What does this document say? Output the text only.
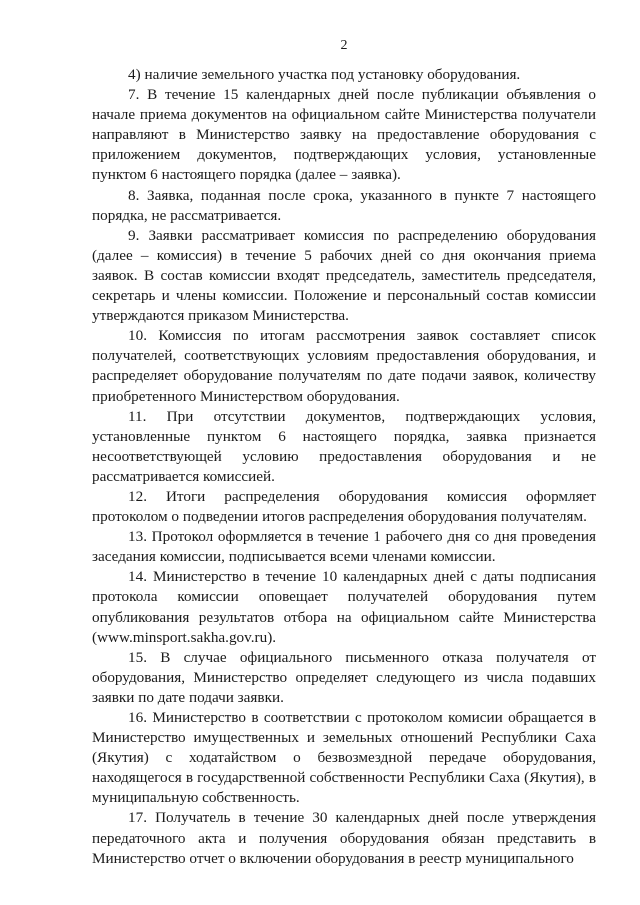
2

4) наличие земельного участка под установку оборудования.

7. В течение 15 календарных дней после публикации объявления о начале приема документов на официальном сайте Министерства получатели направляют в Министерство заявку на предоставление оборудования с приложением документов, подтверждающих условия, установленные пунктом 6 настоящего порядка (далее – заявка).

8. Заявка, поданная после срока, указанного в пункте 7 настоящего порядка, не рассматривается.

9. Заявки рассматривает комиссия по распределению оборудования (далее – комиссия) в течение 5 рабочих дней со дня окончания приема заявок. В состав комиссии входят председатель, заместитель председателя, секретарь и члены комиссии. Положение и персональный состав комиссии утверждаются приказом Министерства.

10. Комиссия по итогам рассмотрения заявок составляет список получателей, соответствующих условиям предоставления оборудования, и распределяет оборудование получателям по дате подачи заявок, количеству приобретенного Министерством оборудования.

11. При отсутствии документов, подтверждающих условия, установленные пунктом 6 настоящего порядка, заявка признается несоответствующей условию предоставления оборудования и не рассматривается комиссией.

12. Итоги распределения оборудования комиссия оформляет протоколом о подведении итогов распределения оборудования получателям.

13. Протокол оформляется в течение 1 рабочего дня со дня проведения заседания комиссии, подписывается всеми членами комиссии.

14. Министерство в течение 10 календарных дней с даты подписания протокола комиссии оповещает получателей оборудования путем опубликования результатов отбора на официальном сайте Министерства (www.minsport.sakha.gov.ru).

15. В случае официального письменного отказа получателя от оборудования, Министерство определяет следующего из числа подавших заявки по дате подачи заявки.

16. Министерство в соответствии с протоколом комисии обращается в Министерство имущественных и земельных отношений Республики Саха (Якутия) с ходатайством о безвозмездной передаче оборудования, находящегося в государственной собственности Республики Саха (Якутия), в муниципальную собственность.

17. Получатель в течение 30 календарных дней после утверждения передаточного акта и получения оборудования обязан представить в Министерство отчет о включении оборудования в реестр муниципального
